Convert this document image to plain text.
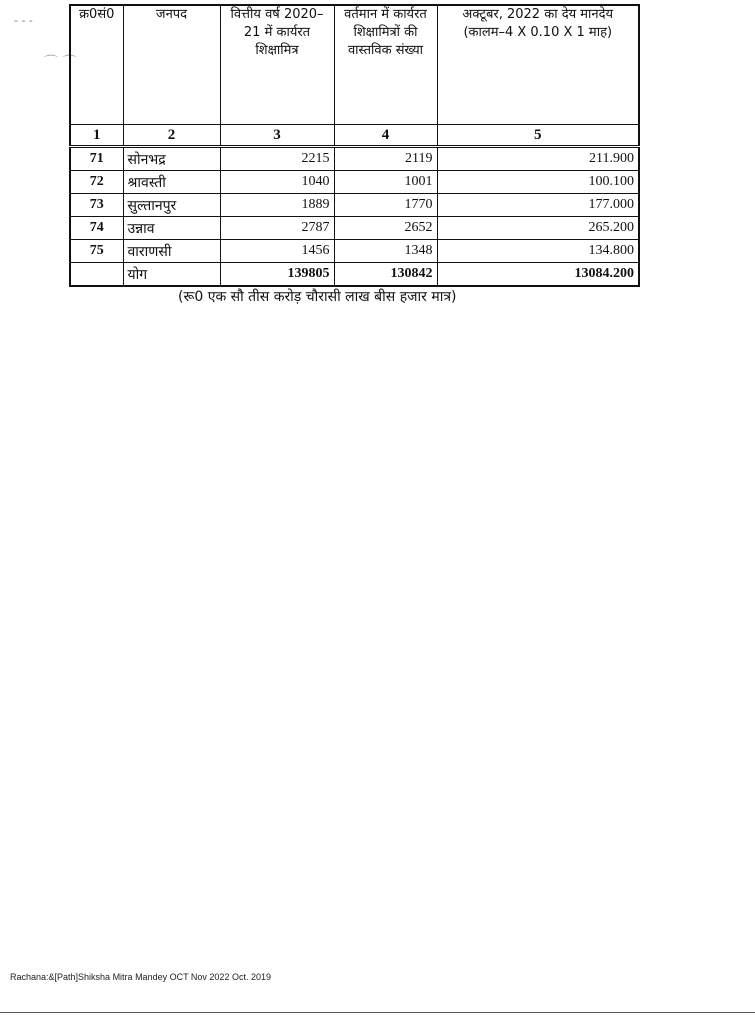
- - -
⌒ ⌒
क्र0सं0	जनपद	वित्तीय वर्ष 2020–21 में कार्यरत शिक्षामित्र	वर्तमान में कार्यरत शिक्षामित्रों की वास्तविक संख्या	अक्टूबर, 2022 का देय मानदेय (कालम–4 X 0.10 X 1 माह)
1	2	3	4	5
71	सोनभद्र	2215	2119	211.900
72	श्रावस्ती	1040	1001	100.100
73	सुल्तानपुर	1889	1770	177.000
74	उन्नाव	2787	2652	265.200
75	वाराणसी	1456	1348	134.800
	योग	139805	130842	13084.200
(रू0 एक सौ तीस करोड़ चौरासी लाख बीस हजार मात्र)
Rachana:&[Path]Shiksha Mitra Mandey OCT Nov 2022 Oct. 2019
